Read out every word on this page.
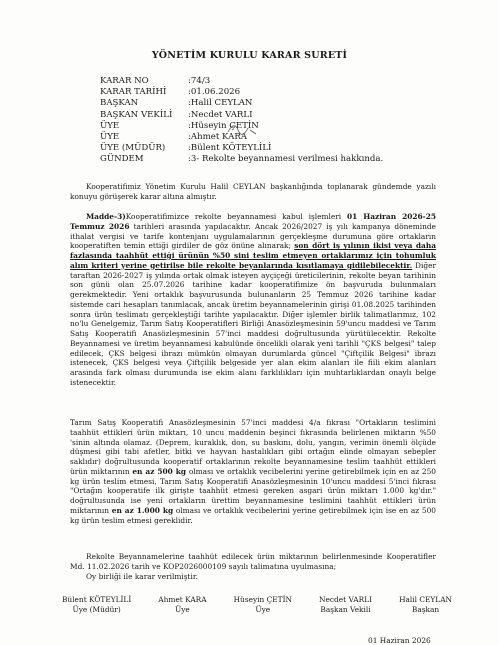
YÖNETİM KURULU KARAR SURETİ
KARAR NO	:74/3
KARAR TARİHİ	:01.06.2026
BAŞKAN	:Halil CEYLAN
BAŞKAN VEKİLİ	:Necdet VARLI
ÜYE	:Hüseyin ÇETİN
ÜYE	:Ahmet KARA
ÜYE (MÜDÜR)	:Bülent KÖTEYLİLİ
GÜNDEM	:3- Rekolte beyannamesi verilmesi hakkında.

Kooperatifimiz Yönetim Kurulu Halil CEYLAN başkanlığında toplanarak gündemde yazılı konuyu görüşerek karar altına almıştır.

Madde-3)Kooperatifimizce rekolte beyannamesi kabul işlemleri 01 Haziran 2026-25 Temmuz 2026 tarihleri arasında yapılacaktır. Ancak 2026/2027 iş yılı kampanya döneminde ithalat vergisi ve tarife kontenjanı uygulamalarının gerçekleşme durumuna göre ortakların kooperatiften temin ettiği girdiler de göz önüne alınarak; son dört iş yılının ikisi veya daha fazlasında taahhüt ettiği ürünün %50 sini teslim etmeyen ortaklarımız için tohumluk alım kriteri yerine getirilse bile rekolte beyanlarında kısıtlamaya gidilebilecektir. Diğer taraftan 2026-2027 iş yılında ortak olmak isteyen ayçiçeği üreticilerinin, rekolte beyan tarihinin son günü olan 25.07.2026 tarihine kadar kooperatifimize ön başvuruda bulunmaları gerekmektedir. Yeni ortaklık başvurusunda bulunanların 25 Temmuz 2026 tarihine kadar sistemde cari hesapları tanımlacak, ancak üretim beyannamelerinin girişi 01.08.2025 tarihinden sonra ürün teslimatı gerçekleştiği tarihte yapılacaktır. Diğer işlemler birlik talimatlarımız, 102 no'lu Genelgemiz, Tarım Satış Kooperatifleri Birliği Anasözleşmesinin 59'uncu maddesi ve Tarım Satış Kooperatifi Anasözleşmesinin 57'inci maddesi doğrultusunda yürütülecektir. Rekolte Beyannamesi ve üretim beyannamesi kabulünde öncelikli olarak yeni tarihli "ÇKS belgesi" talep edilecek, ÇKS belgesi ibrazı mümkün olmayan durumlarda güncel "Çiftçilik Belgesi" ibrazı istenecek, ÇKS belgesi veya Çiftçilik belgeside yer alan ekim alanları ile fiili ekim alanları arasında fark olması durumunda ise ekim alanı farklılıkları için muhtarlıklardan onaylı belge istenecektir.

Tarım Satış Kooperatifi Anasözleşmesinin 57'inci maddesi 4/a fıkrası "Ortakların teslimini taahhüt ettikleri ürün miktarı, 10 uncu maddenin beşinci fıkrasında belirlenen miktarın %50 'sinin altında olamaz. (Deprem, kuraklık, don, su baskını, dolu, yangın, verimin önemli ölçüde düşmesi gibi tabi afetler, bitki ve hayvan hastalıkları gibi ortağın elinde olmayan sebepler saklıdır) doğrultusunda kooperatif ortaklarının rekolte beyannamesine teslim taahhüt ettikleri ürün miktarının en az 500 kg olması ve ortaklık vecibelerini yerine getirebilmek için en az 250 kg ürün teslim etmesi, Tarım Satış Kooperatifi Anasözleşmesinin 10'uncu maddesi 5'inci fıkrası "Ortağın kooperatife ilk girişte taahhüt etmesi gereken asgari ürün miktarı 1.000 kg'dır." doğrultusunda ise yeni ortakların ürettim beyannamesine teslimini taahhüt ettikleri ürün miktarının en az 1.000 kg olması ve ortaklık vecibelerini yerine getirebilmek için ise en az 500 kg ürün teslim etmesi gereklidir.

Rekolte Beyannamelerine taahhüt edilecek ürün miktarının belirlenmesinde Kooperatifler Md. 11.02.2026 tarih ve KOP2026000109 sayılı talimatına uyulmasına;

Oy birliği ile karar verilmiştir.

Bülent KÖTEYLİLİ
Üye (Müdür)
Ahmet KARA
Üye
Hüseyin ÇETİN
Üye
Necdet VARLI
Başkan Vekili
Halil CEYLAN
Başkan
01 Haziran 2026
